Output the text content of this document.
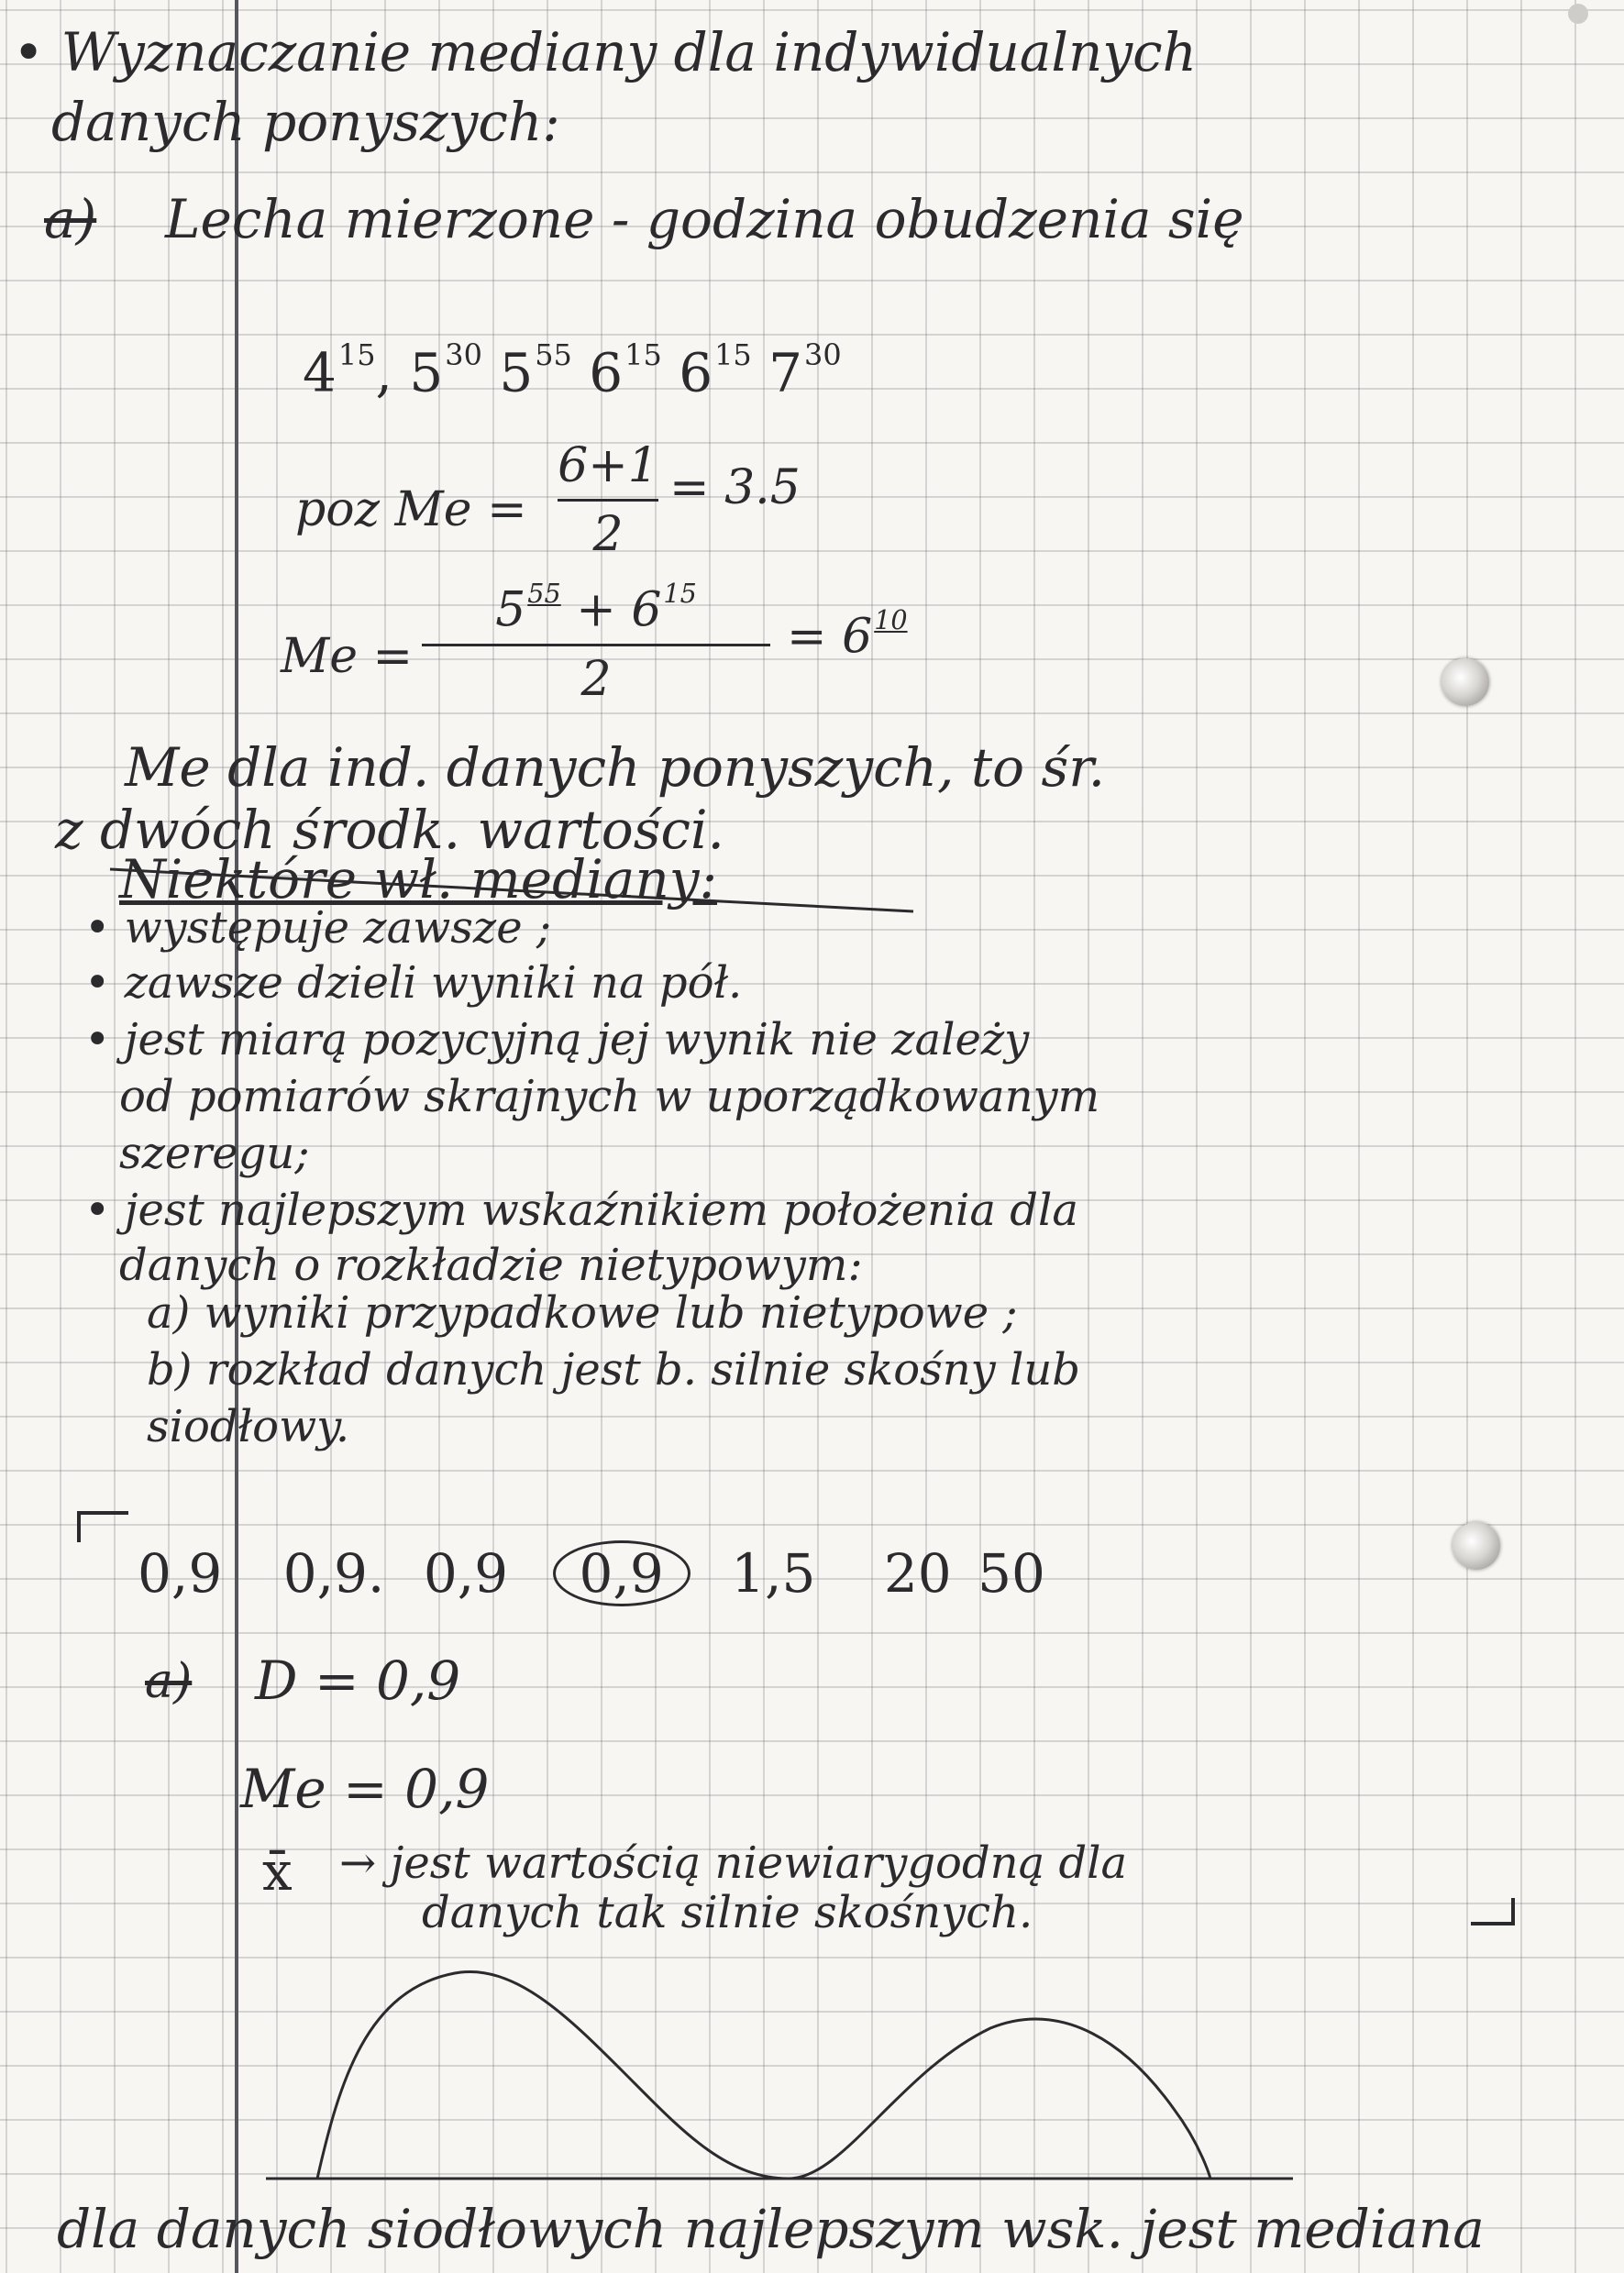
• Wyznaczanie mediany dla indywidualnych
danych ponyszych:
a) Lecha mierzone - godzina obudzenia się
$4^{15}$, $5^{30}$ $5^{55}$ $6^{15}$ $6^{15}$ $7^{30}$
poz Me =
6+1
2
= 3.5
Me =
$5^{55} + 6^{15}$
2
= $6^{10}$
Me dla ind. danych ponyszych, to śr.
z dwóch środk. wartości.
Niektóre wł. mediany:
• występuje zawsze ;
• zawsze dzieli wyniki na pół.
• jest miarą pozycyjną jej wynik nie zależy
od pomiarów skrajnych w uporządkowanym
szeregu;
• jest najlepszym wskaźnikiem położenia dla
danych o rozkładzie nietypowym:
a) wyniki przypadkowe lub nietypowe ;
b) rozkład danych jest b. silnie skośny lub
siodłowy.
0,9 0,9. 0,9 0,9 1,5 20 50
a) D = 0,9
Me = 0,9
x̄ → jest wartością niewiarygodną dla
danych tak silnie skośnych.
dla danych siodłowych najlepszym wsk. jest mediana
